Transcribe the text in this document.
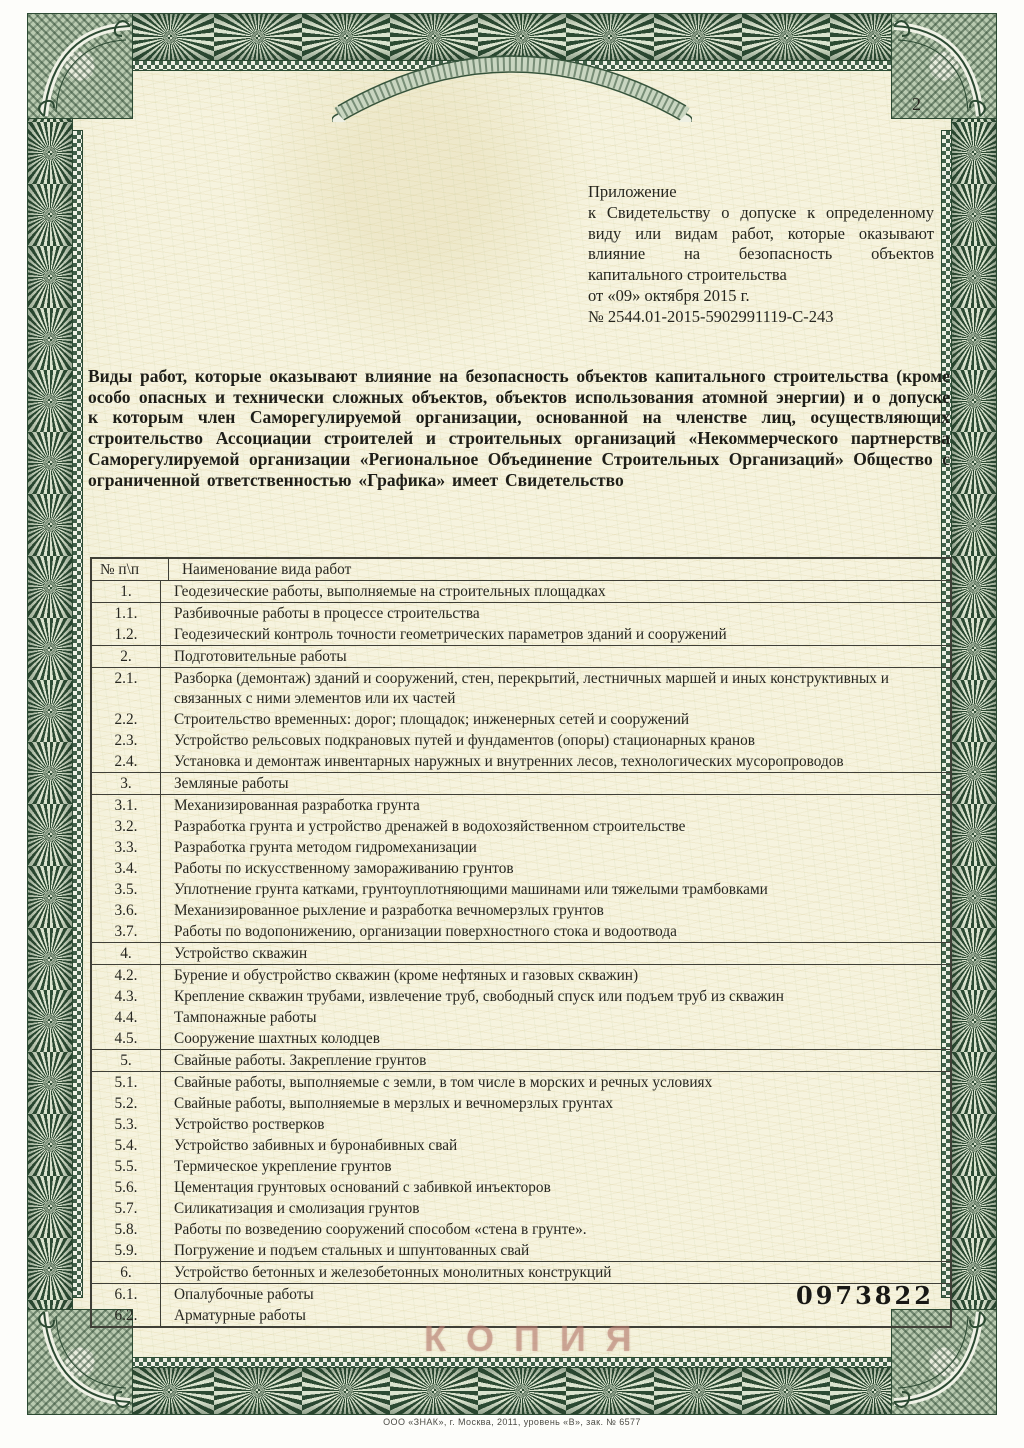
2
Приложение
к Свидетельству о допуске к определенному
виду или видам работ, которые оказывают
влияние на безопасность объектов
капитального строительства
от «09» октября 2015 г.
№ 2544.01-2015-5902991119-С-243

Виды работ, которые оказывают влияние на безопасность объектов капитального строительства (кроме особо опасных и технически сложных объектов, объектов использования атомной энергии) и о допуске к которым член Саморегулируемой организации, основанной на членстве лиц, осуществляющих строительство Ассоциации строителей и строительных организаций «Некоммерческого партнерства Саморегулируемой организации «Региональное Объединение Строительных Организаций» Общество с ограниченной ответственностью «Графика» имеет Свидетельство

№ п\п	Наименование вида работ
1.	Геодезические работы, выполняемые на строительных площадках
1.1.	Разбивочные работы в процессе строительства
1.2.	Геодезический контроль точности геометрических параметров зданий и сооружений
2.	Подготовительные работы
2.1.	Разборка (демонтаж) зданий и сооружений, стен, перекрытий, лестничных маршей и иных конструктивных и связанных с ними элементов или их частей
2.2.	Строительство временных: дорог; площадок; инженерных сетей и сооружений
2.3.	Устройство рельсовых подкрановых путей и фундаментов (опоры) стационарных кранов
2.4.	Установка и демонтаж инвентарных наружных и внутренних лесов, технологических мусоропроводов
3.	Земляные работы
3.1.	Механизированная разработка грунта
3.2.	Разработка грунта и устройство дренажей в водохозяйственном строительстве
3.3.	Разработка грунта методом гидромеханизации
3.4.	Работы по искусственному замораживанию грунтов
3.5.	Уплотнение грунта катками, грунтоуплотняющими машинами или тяжелыми трамбовками
3.6.	Механизированное рыхление и разработка вечномерзлых грунтов
3.7.	Работы по водопонижению, организации поверхностного стока и водоотвода
4.	Устройство скважин
4.2.	Бурение и обустройство скважин (кроме нефтяных и газовых скважин)
4.3.	Крепление скважин трубами, извлечение труб, свободный спуск или подъем труб из скважин
4.4.	Тампонажные работы
4.5.	Сооружение шахтных колодцев
5.	Свайные работы. Закрепление грунтов
5.1.	Свайные работы, выполняемые с земли, в том числе в морских и речных условиях
5.2.	Свайные работы, выполняемые в мерзлых и вечномерзлых грунтах
5.3.	Устройство ростверков
5.4.	Устройство забивных и буронабивных свай
5.5.	Термическое укрепление грунтов
5.6.	Цементация грунтовых оснований с забивкой инъекторов
5.7.	Силикатизация и смолизация грунтов
5.8.	Работы по возведению сооружений способом «стена в грунте».
5.9.	Погружение и подъем стальных и шпунтованных свай
6.	Устройство бетонных и железобетонных монолитных конструкций
6.1.	Опалубочные работы
6.2.	Арматурные работы
0973822
КОПИЯ
ООО «ЗНАК», г. Москва, 2011, уровень «В», зак. № 6577
